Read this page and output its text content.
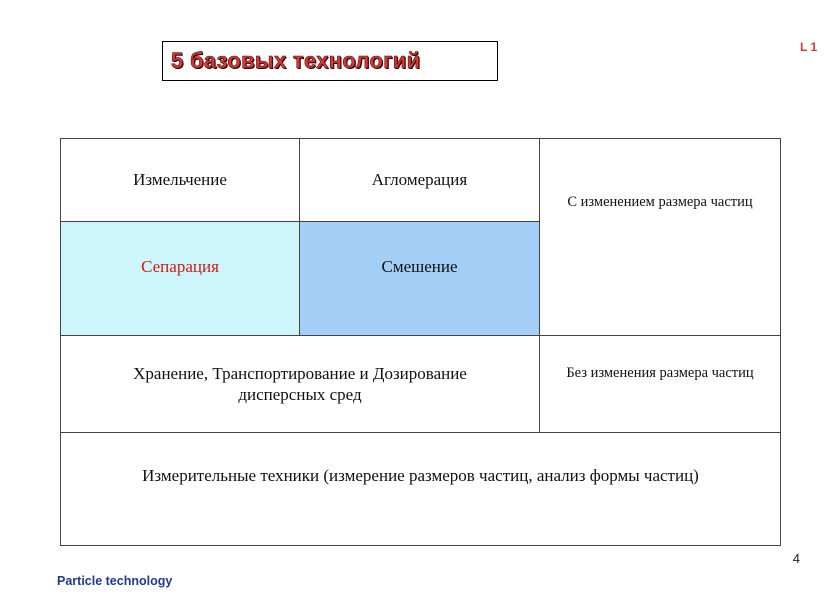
5 базовых технологий
L 1
Измельчение	Агломерация
С изменением размера частиц
Сепарация	Смешение
Хранение, Транспортирование и Дозирование
дисперсных сред
Без изменения размера частиц
Измерительные техники (измерение размеров частиц, анализ формы частиц)
4
Particle technology
